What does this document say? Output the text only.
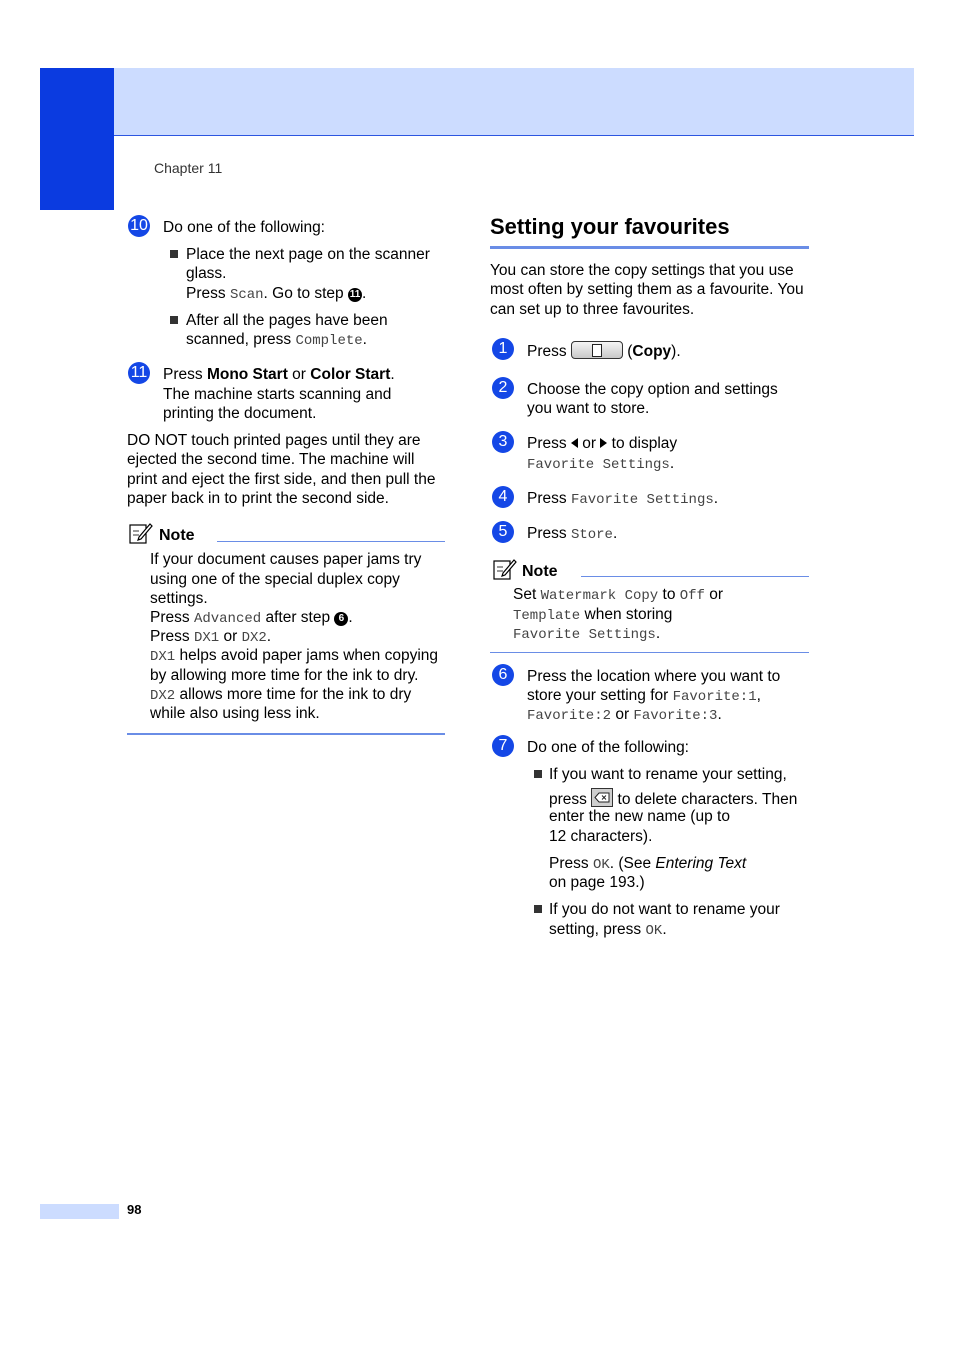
Chapter 11
10 Do one of the following:
Place the next page on the scanner
glass.
Press Scan. Go to step 11 .
After all the pages have been
scanned, press Complete.
11 Press Mono Start or Color Start.
The machine starts scanning and
printing the document.
DO NOT touch printed pages until they are
ejected the second time. The machine will
print and eject the first side, and then pull the
paper back in to print the second side.
Note
If your document causes paper jams try
using one of the special duplex copy
settings.
Press Advanced after step 6 .
Press DX1 or DX2.
DX1 helps avoid paper jams when copying
by allowing more time for the ink to dry.
DX2 allows more time for the ink to dry
while also using less ink.
Setting your favourites
You can store the copy settings that you use
most often by setting them as a favourite. You
can set up to three favourites.
1	Press	(Copy).
2	Choose the copy option and settings
you want to store.
3	Press or to display
Favorite Settings.
4	Press Favorite Settings.
5	Press Store.
Note
Set Watermark Copy to Off or
Template when storing
Favorite Settings.
6	Press the location where you want to
store your setting for Favorite:1,
Favorite:2 or Favorite:3.
7	Do one of the following:
If you want to rename your setting,
press to delete characters. Then
enter the new name (up to
12 characters).
Press OK. (See Entering Text
on page 193.)
If you do not want to rename your
setting, press OK.
98
